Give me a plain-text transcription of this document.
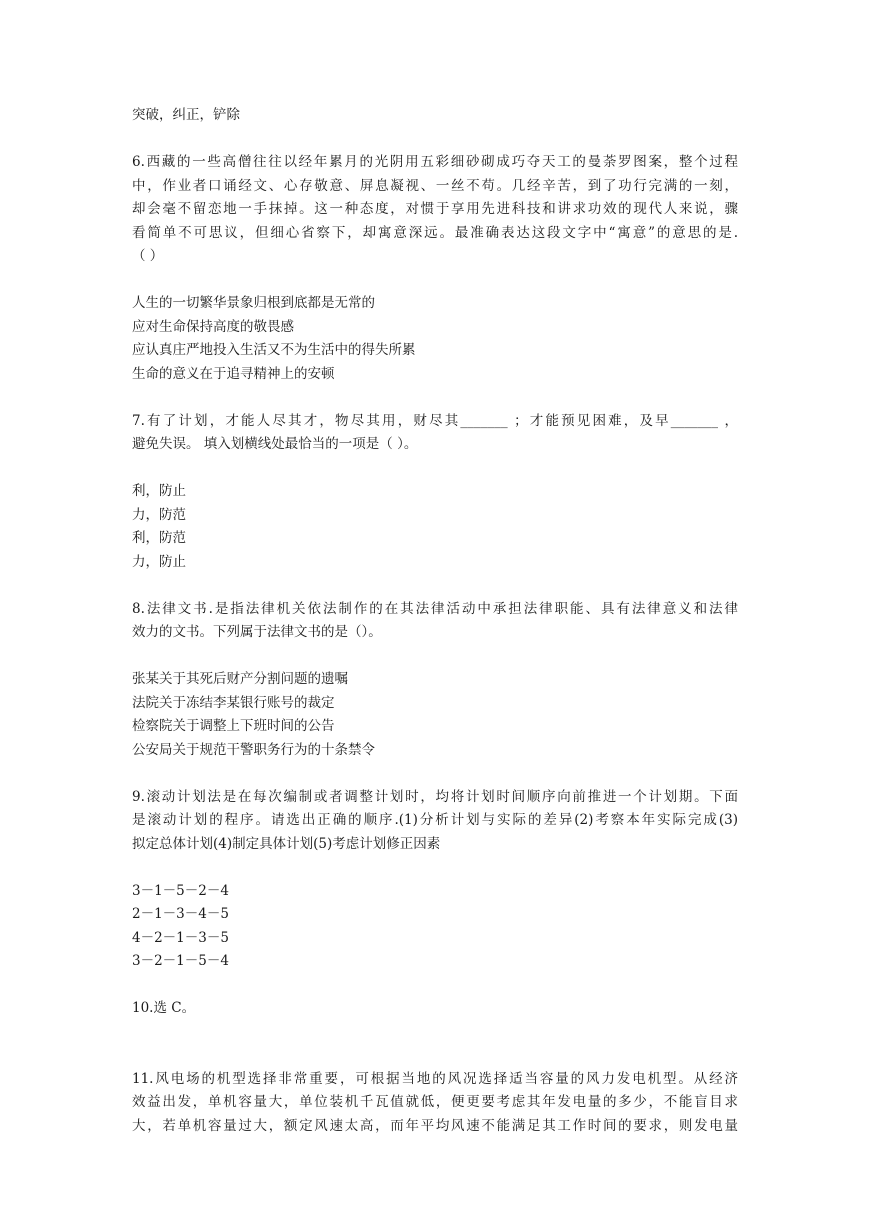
突破，纠正，铲除
6.西藏的一些高僧往往以经年累月的光阴用五彩细砂砌成巧夺天工的曼荼罗图案，整个过程
中，作业者口诵经文、心存敬意、屏息凝视、一丝不苟。几经辛苦，到了功行完满的一刻，
却会毫不留恋地一手抹掉。这一种态度，对惯于享用先进科技和讲求功效的现代人来说，骤
看简单不可思议，但细心省察下，却寓意深远。最准确表达这段文字中“寓意”的意思的是.
（ ）
人生的一切繁华景象归根到底都是无常的
应对生命保持高度的敬畏感
应认真庄严地投入生活又不为生活中的得失所累
生命的意义在于追寻精神上的安顿
7.有了计划，才能人尽其才，物尽其用，财尽其_______ ；才能预见困难，及早_______ ，
避免失误。 填入划横线处最恰当的一项是（ ）。
利，防止
力，防范
利，防范
力，防止
8.法律文书.是指法律机关依法制作的在其法律活动中承担法律职能、具有法律意义和法律
效力的文书。下列属于法律文书的是（）。
张某关于其死后财产分割问题的遗嘱
法院关于冻结李某银行账号的裁定
检察院关于调整上下班时间的公告
公安局关于规范干警职务行为的十条禁令
9.滚动计划法是在每次编制或者调整计划时，均将计划时间顺序向前推进一个计划期。下面
是滚动计划的程序。请选出正确的顺序.(1)分析计划与实际的差异(2)考察本年实际完成(3)
拟定总体计划(4)制定具体计划(5)考虑计划修正因素
3－1－5－2－4
2－1－3－4－5
4－2－1－3－5
3－2－1－5－4
10.选 C。
11.风电场的机型选择非常重要，可根据当地的风况选择适当容量的风力发电机型。从经济
效益出发，单机容量大，单位装机千瓦值就低，便更要考虑其年发电量的多少，不能盲目求
大，若单机容量过大，额定风速太高，而年平均风速不能满足其工作时间的要求，则发电量
